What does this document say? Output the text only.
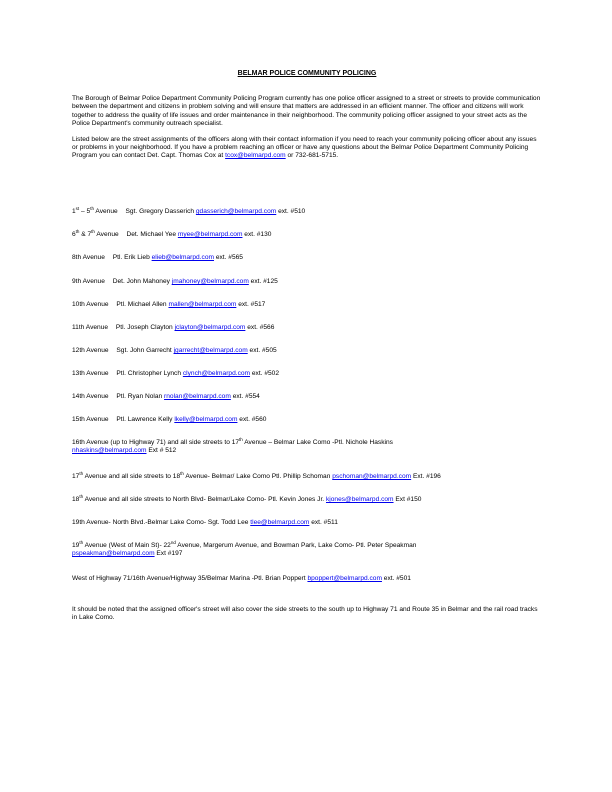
BELMAR POLICE COMMUNITY POLICING

The Borough of Belmar Police Department Community Policing Program currently has one police officer assigned to a street or streets to provide communication between the department and citizens in problem solving and will ensure that matters are addressed in an efficient manner. The officer and citizens will work together to address the quality of life issues and order maintenance in their neighborhood. The community policing officer assigned to your street acts as the Police Department's community outreach specialist.

Listed below are the street assignments of the officers along with their contact information if you need to reach your community policing officer about any issues or problems in your neighborhood. If you have a problem reaching an officer or have any questions about the Belmar Police Department Community Policing Program you can contact Det. Capt. Thomas Cox at tcox@belmarpd.com or 732-681-5715.

1st – 5th Avenue Sgt. Gregory Dasserich gdasserich@belmarpd.com ext. #510
6th & 7th Avenue Det. Michael Yee myee@belmarpd.com ext. #130
8th Avenue Ptl. Erik Lieb elieb@belmarpd.com ext. #565
9th Avenue Det. John Mahoney jmahoney@belmarpd.com ext. #125
10th Avenue Ptl. Michael Allen mallen@belmarpd.com ext. #517
11th Avenue Ptl. Joseph Clayton jclayton@belmarpd.com ext. #566
12th Avenue Sgt. John Garrecht jgarrecht@belmarpd.com ext. #505
13th Avenue Ptl. Christopher Lynch clynch@belmarpd.com ext. #502
14th Avenue Ptl. Ryan Nolan rnolan@belmarpd.com ext. #554
15th Avenue Ptl. Lawrence Kelly lkelly@belmarpd.com ext. #560
16th Avenue (up to Highway 71) and all side streets to 17th Avenue – Belmar Lake Como -Ptl. Nichole Haskins
nhaskins@belmarpd.com Ext # 512
17th Avenue and all side streets to 18th Avenue- Belmar/ Lake Como Ptl. Phillip Schoman pschoman@belmarpd.com Ext. #196
18th Avenue and all side streets to North Blvd- Belmar/Lake Como- Ptl. Kevin Jones Jr. kjones@belmarpd.com Ext #150
19th Avenue- North Blvd.-Belmar Lake Como- Sgt. Todd Lee tlee@belmarpd.com ext. #511
19th Avenue (West of Main St)- 22nd Avenue, Margerum Avenue, and Bowman Park, Lake Como- Ptl. Peter Speakman
pspeakman@belmarpd.com Ext #197
West of Highway 71/16th Avenue/Highway 35/Belmar Marina -Ptl. Brian Poppert bpoppert@belmarpd.com ext. #501
It should be noted that the assigned officer's street will also cover the side streets to the south up to Highway 71 and Route 35 in Belmar and the rail road tracks in Lake Como.
